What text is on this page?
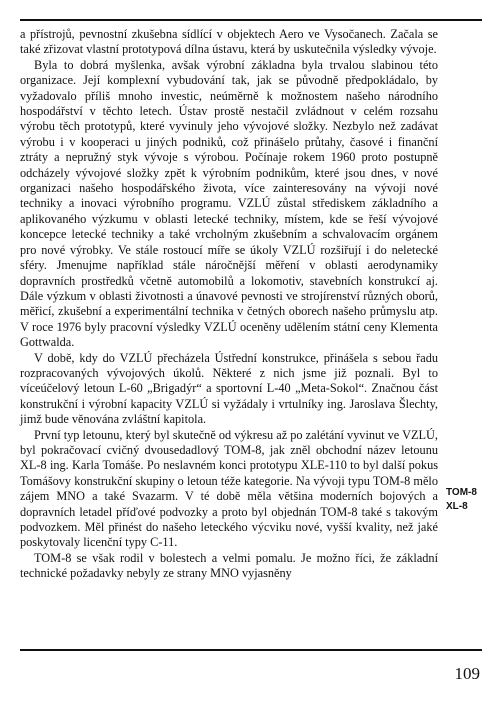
a přístrojů, pevnostní zkušebna sídlící v objektech Aero ve Vysočanech. Začala se také zřizovat vlastní prototypová dílna ústavu, která by uskutečnila výsledky vývoje.

Byla to dobrá myšlenka, avšak výrobní základna byla trvalou slabinou této organizace. Její komplexní vybudování tak, jak se původně předpokládalo, by vyžadovalo příliš mnoho investic, neúměrně k možnostem našeho národního hospodářství v těchto letech. Ústav prostě nestačil zvládnout v celém rozsahu výrobu těch prototypů, které vyvinuly jeho vývojové složky. Nezbylo než zadávat výrobu i v kooperaci u jiných podniků, což přinášelo průtahy, časové i finanční ztráty a nepružný styk vývoje s výrobou. Počínaje rokem 1960 proto postupně odcházely vývojové složky zpět k výrobním podnikům, které jsou dnes, v nové organizaci našeho hospodářského života, více zainteresovány na vývoji nové techniky a inovaci výrobního programu. VZLÚ zůstal střediskem základního a aplikovaného výzkumu v oblasti letecké techniky, místem, kde se řeší vývojové koncepce letecké techniky a také vrcholným zkušebním a schvalovacím orgánem pro nové výrobky. Ve stále rostoucí míře se úkoly VZLÚ rozšiřují i do neletecké sféry. Jmenujme například stále náročnější měření v oblasti aerodynamiky dopravních prostředků včetně automobilů a lokomotiv, stavebních konstrukcí aj. Dále výzkum v oblasti životnosti a únavové pevnosti ve strojírenství různých oborů, měřicí, zkušební a experimentální technika v četných oborech našeho průmyslu atp. V roce 1976 byly pracovní výsledky VZLÚ oceněny udělením státní ceny Klementa Gottwalda.

V době, kdy do VZLÚ přecházela Ústřední konstrukce, přinášela s sebou řadu rozpracovaných vývojových úkolů. Některé z nich jsme již poznali. Byl to víceúčelový letoun L-60 „Brigadýr“ a sportovní L-40 „Meta-Sokol“. Značnou část konstrukční i výrobní kapacity VZLÚ si vyžádaly i vrtulníky ing. Jaroslava Šlechty, jimž bude věnována zvláštní kapitola.

První typ letounu, který byl skutečně od výkresu až po zalétání vyvinut ve VZLÚ, byl pokračovací cvičný dvousedadlový TOM-8, jak zněl obchodní název letounu XL-8 ing. Karla Tomáše. Po neslavném konci prototypu XLE-110 to byl další pokus Tomášovy konstrukční skupiny o letoun téže kategorie. Na vývoji typu TOM-8 mělo zájem MNO a také Svazarm. V té době měla většina moderních bojových a dopravních letadel příďové podvozky a proto byl objednán TOM-8 také s takovým podvozkem. Měl přinést do našeho leteckého výcviku nové, vyšší kvality, než jaké poskytovaly licenční typy C-11.

TOM-8 se však rodil v bolestech a velmi pomalu. Je možno říci, že základní technické požadavky nebyly ze strany MNO vyjasněny

TOM-8
XL-8
109
